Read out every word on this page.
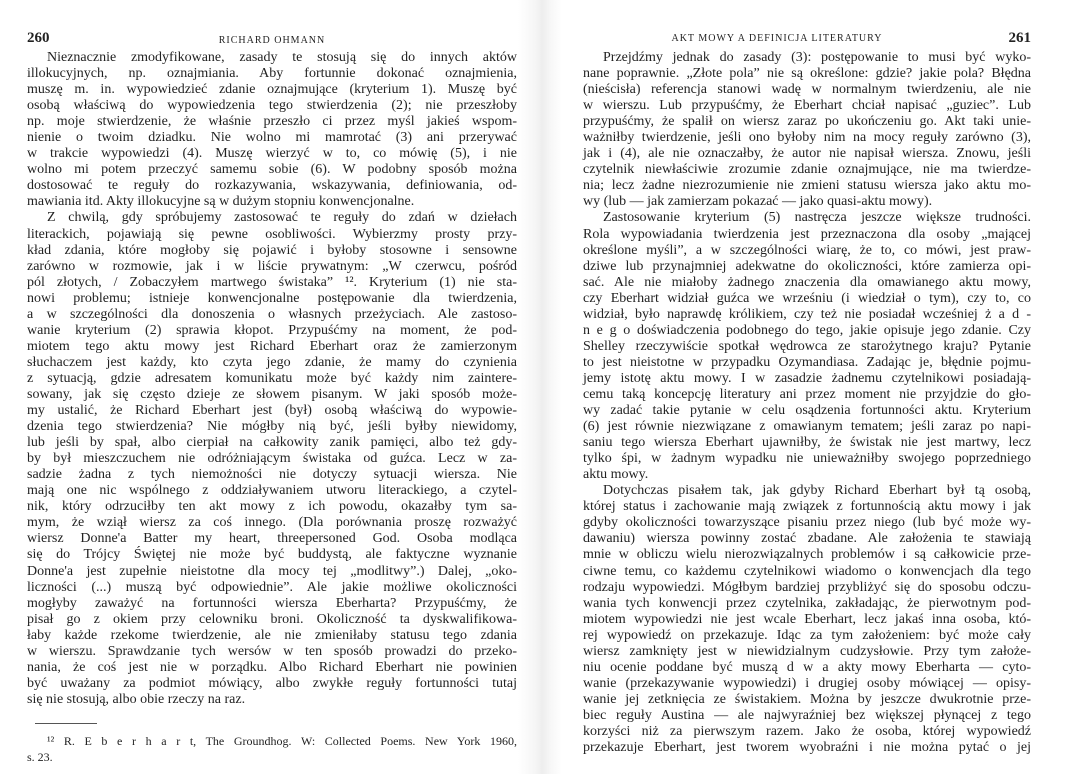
260	RICHARD OHMANN
Nieznacznie zmodyfikowane, zasady te stosują się do innych aktów
illokucyjnych, np. oznajmiania. Aby fortunnie dokonać oznajmienia,
muszę m. in. wypowiedzieć zdanie oznajmujące (kryterium 1). Muszę być
osobą właściwą do wypowiedzenia tego stwierdzenia (2); nie przeszłoby
np. moje stwierdzenie, że właśnie przeszło ci przez myśl jakieś wspom-
nienie o twoim dziadku. Nie wolno mi mamrotać (3) ani przerywać
w trakcie wypowiedzi (4). Muszę wierzyć w to, co mówię (5), i nie
wolno mi potem przeczyć samemu sobie (6). W podobny sposób można
dostosować te reguły do rozkazywania, wskazywania, definiowania, od-
mawiania itd. Akty illokucyjne są w dużym stopniu konwencjonalne.
Z chwilą, gdy spróbujemy zastosować te reguły do zdań w dziełach
literackich, pojawiają się pewne osobliwości. Wybierzmy prosty przy-
kład zdania, które mogłoby się pojawić i byłoby stosowne i sensowne
zarówno w rozmowie, jak i w liście prywatnym: „W czerwcu, pośród
pól złotych, / Zobaczyłem martwego świstaka” ¹². Kryterium (1) nie sta-
nowi problemu; istnieje konwencjonalne postępowanie dla twierdzenia,
a w szczególności dla donoszenia o własnych przeżyciach. Ale zastoso-
wanie kryterium (2) sprawia kłopot. Przypuśćmy na moment, że pod-
miotem tego aktu mowy jest Richard Eberhart oraz że zamierzonym
słuchaczem jest każdy, kto czyta jego zdanie, że mamy do czynienia
z sytuacją, gdzie adresatem komunikatu może być każdy nim zaintere-
sowany, jak się często dzieje ze słowem pisanym. W jaki sposób może-
my ustalić, że Richard Eberhart jest (był) osobą właściwą do wypowie-
dzenia tego stwierdzenia? Nie mógłby nią być, jeśli byłby niewidomy,
lub jeśli by spał, albo cierpiał na całkowity zanik pamięci, albo też gdy-
by był mieszczuchem nie odróżniającym świstaka od guźca. Lecz w za-
sadzie żadna z tych niemożności nie dotyczy sytuacji wiersza. Nie
mają one nic wspólnego z oddziaływaniem utworu literackiego, a czytel-
nik, który odrzuciłby ten akt mowy z ich powodu, okazałby tym sa-
mym, że wziął wiersz za coś innego. (Dla porównania proszę rozważyć
wiersz Donne'a Batter my heart, threepersoned God. Osoba modląca
się do Trójcy Świętej nie może być buddystą, ale faktyczne wyznanie
Donne'a jest zupełnie nieistotne dla mocy tej „modlitwy”.) Dalej, „oko-
liczności (...) muszą być odpowiednie”. Ale jakie możliwe okoliczności
mogłyby zaważyć na fortunności wiersza Eberharta? Przypuśćmy, że
pisał go z okiem przy celowniku broni. Okoliczność ta dyskwalifikowa-
łaby każde rzekome twierdzenie, ale nie zmieniłaby statusu tego zdania
w wierszu. Sprawdzanie tych wersów w ten sposób prowadzi do przeko-
nania, że coś jest nie w porządku. Albo Richard Eberhart nie powinien
być uważany za podmiot mówiący, albo zwykłe reguły fortunności tutaj
się nie stosują, albo obie rzeczy na raz.
¹² R. E b e r h a r t, The Groundhog. W: Collected Poems. New York 1960,
s. 23.
AKT MOWY A DEFINICJA LITERATURY	261
Przejdźmy jednak do zasady (3): postępowanie to musi być wyko-
nane poprawnie. „Złote pola” nie są określone: gdzie? jakie pola? Błędna
(nieścisła) referencja stanowi wadę w normalnym twierdzeniu, ale nie
w wierszu. Lub przypuśćmy, że Eberhart chciał napisać „guziec”. Lub
przypuśćmy, że spalił on wiersz zaraz po ukończeniu go. Akt taki unie-
ważniłby twierdzenie, jeśli ono byłoby nim na mocy reguły zarówno (3),
jak i (4), ale nie oznaczałby, że autor nie napisał wiersza. Znowu, jeśli
czytelnik niewłaściwie zrozumie zdanie oznajmujące, nie ma twierdze-
nia; lecz żadne niezrozumienie nie zmieni statusu wiersza jako aktu mo-
wy (lub — jak zamierzam pokazać — jako quasi-aktu mowy).
Zastosowanie kryterium (5) nastręcza jeszcze większe trudności.
Rola wypowiadania twierdzenia jest przeznaczona dla osoby „mającej
określone myśli”, a w szczególności wiarę, że to, co mówi, jest praw-
dziwe lub przynajmniej adekwatne do okoliczności, które zamierza opi-
sać. Ale nie miałoby żadnego znaczenia dla omawianego aktu mowy,
czy Eberhart widział guźca we wrześniu (i wiedział o tym), czy to, co
widział, było naprawdę królikiem, czy też nie posiadał wcześniej ż a d -
n e g o doświadczenia podobnego do tego, jakie opisuje jego zdanie. Czy
Shelley rzeczywiście spotkał wędrowca ze starożytnego kraju? Pytanie
to jest nieistotne w przypadku Ozymandiasa. Zadając je, błędnie pojmu-
jemy istotę aktu mowy. I w zasadzie żadnemu czytelnikowi posiadają-
cemu taką koncepcję literatury ani przez moment nie przyjdzie do gło-
wy zadać takie pytanie w celu osądzenia fortunności aktu. Kryterium
(6) jest równie niezwiązane z omawianym tematem; jeśli zaraz po napi-
saniu tego wiersza Eberhart ujawniłby, że świstak nie jest martwy, lecz
tylko śpi, w żadnym wypadku nie unieważniłby swojego poprzedniego
aktu mowy.
Dotychczas pisałem tak, jak gdyby Richard Eberhart był tą osobą,
której status i zachowanie mają związek z fortunnością aktu mowy i jak
gdyby okoliczności towarzyszące pisaniu przez niego (lub być może wy-
dawaniu) wiersza powinny zostać zbadane. Ale założenia te stawiają
mnie w obliczu wielu nierozwiązalnych problemów i są całkowicie prze-
ciwne temu, co każdemu czytelnikowi wiadomo o konwencjach dla tego
rodzaju wypowiedzi. Mógłbym bardziej przybliżyć się do sposobu odczu-
wania tych konwencji przez czytelnika, zakładając, że pierwotnym pod-
miotem wypowiedzi nie jest wcale Eberhart, lecz jakaś inna osoba, któ-
rej wypowiedź on przekazuje. Idąc za tym założeniem: być może cały
wiersz zamknięty jest w niewidzialnym cudzysłowie. Przy tym założe-
niu ocenie poddane być muszą d w a akty mowy Eberharta — cyto-
wanie (przekazywanie wypowiedzi) i drugiej osoby mówiącej — opisy-
wanie jej zetknięcia ze świstakiem. Można by jeszcze dwukrotnie prze-
biec reguły Austina — ale najwyraźniej bez większej płynącej z tego
korzyści niż za pierwszym razem. Jako że osoba, której wypowiedź
przekazuje Eberhart, jest tworem wyobraźni i nie można pytać o jej
